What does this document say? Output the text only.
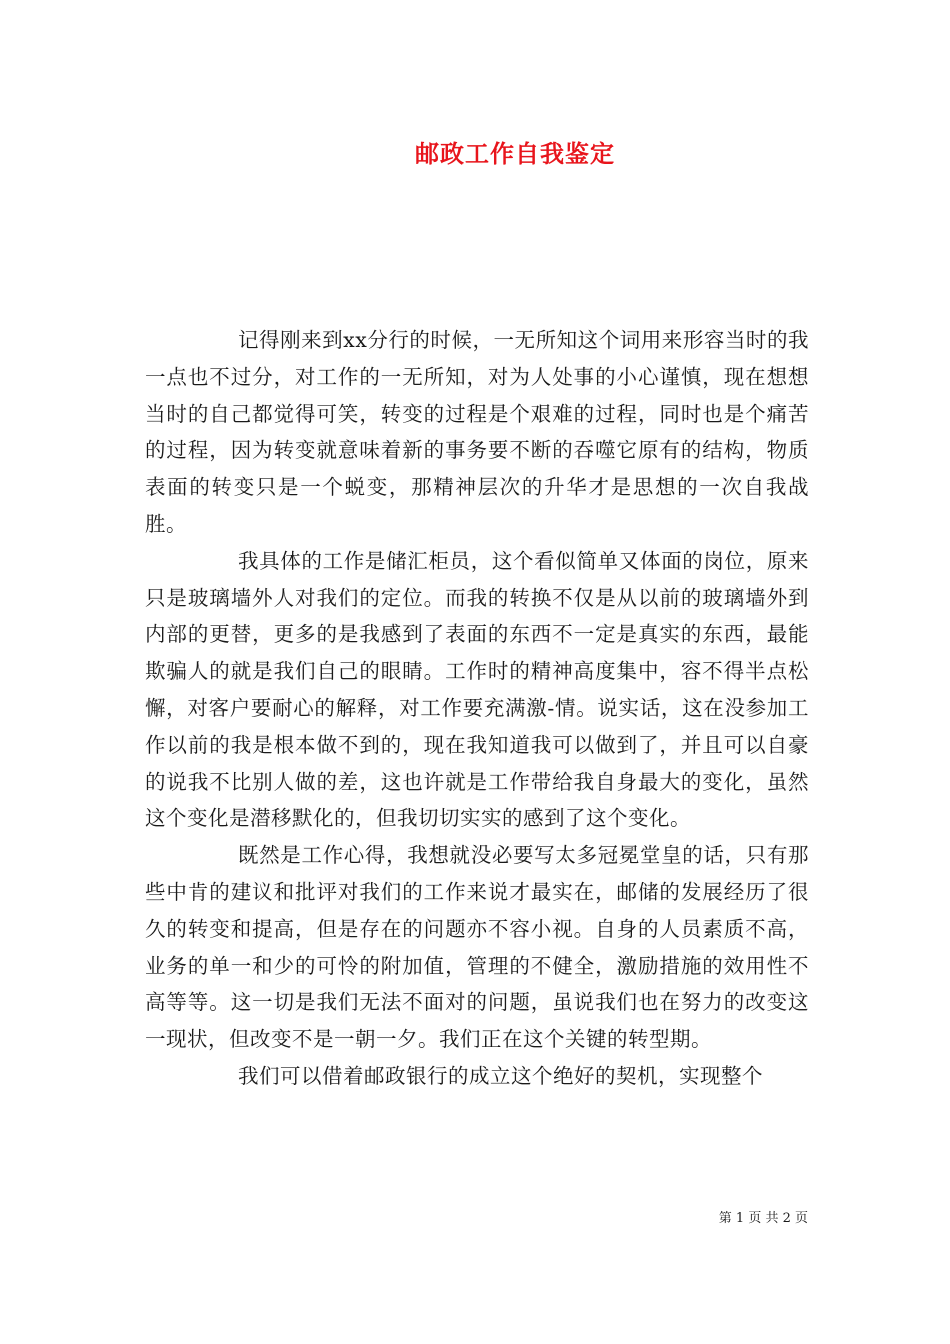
邮政工作自我鉴定

记得刚来到xx分行的时候，一无所知这个词用来形容当时的我一点也不过分，对工作的一无所知，对为人处事的小心谨慎，现在想想当时的自己都觉得可笑，转变的过程是个艰难的过程，同时也是个痛苦的过程，因为转变就意味着新的事务要不断的吞噬它原有的结构，物质表面的转变只是一个蜕变，那精神层次的升华才是思想的一次自我战胜。

我具体的工作是储汇柜员，这个看似简单又体面的岗位，原来只是玻璃墙外人对我们的定位。而我的转换不仅是从以前的玻璃墙外到内部的更替，更多的是我感到了表面的东西不一定是真实的东西，最能欺骗人的就是我们自己的眼睛。工作时的精神高度集中，容不得半点松懈，对客户要耐心的解释，对工作要充满激-情。说实话，这在没参加工作以前的我是根本做不到的，现在我知道我可以做到了，并且可以自豪的说我不比别人做的差，这也许就是工作带给我自身最大的变化，虽然这个变化是潜移默化的，但我切切实实的感到了这个变化。

既然是工作心得，我想就没必要写太多冠冕堂皇的话，只有那些中肯的建议和批评对我们的工作来说才最实在，邮储的发展经历了很久的转变和提高，但是存在的问题亦不容小视。自身的人员素质不高，业务的单一和少的可怜的附加值，管理的不健全，激励措施的效用性不高等等。这一切是我们无法不面对的问题，虽说我们也在努力的改变这一现状，但改变不是一朝一夕。我们正在这个关键的转型期。

我们可以借着邮政银行的成立这个绝好的契机，实现整个

第 1 页 共 2 页
